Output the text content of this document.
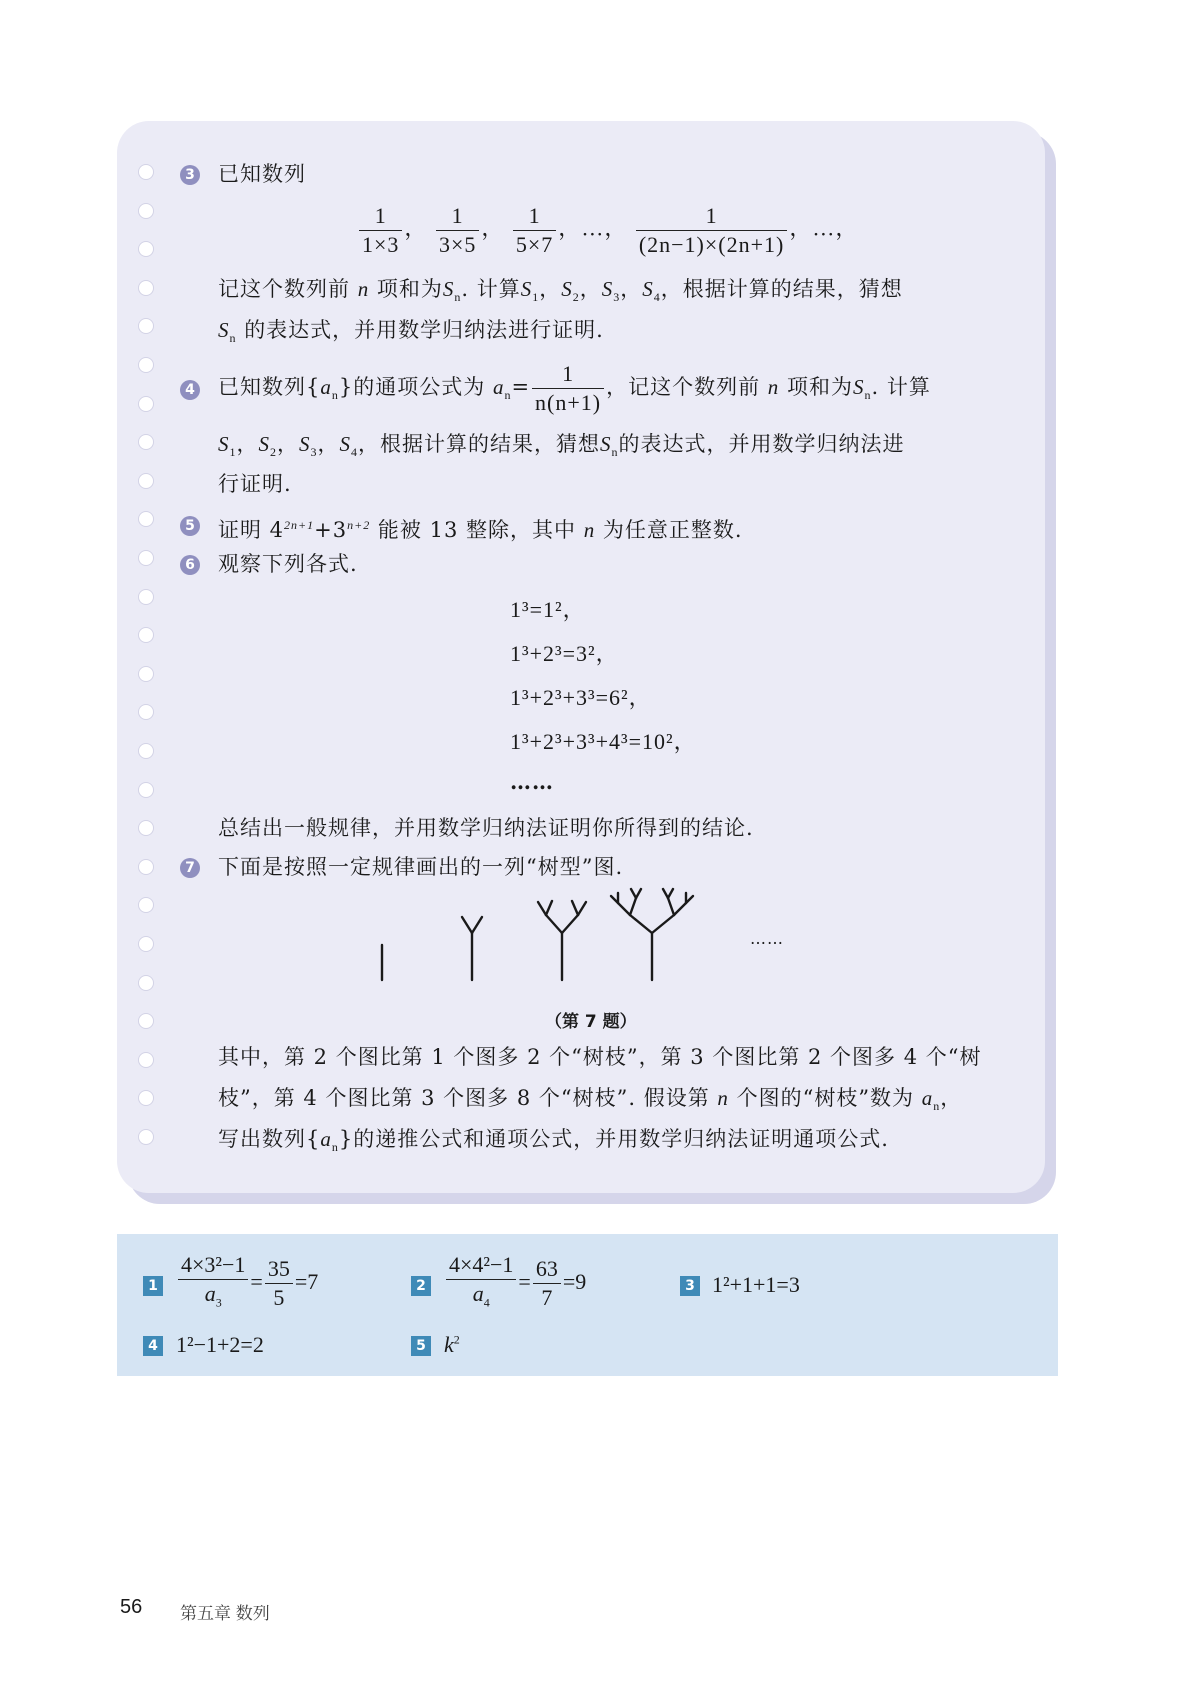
3 已知数列
$\frac{1}{1\times 3}$ ， $\frac{1}{3\times 5}$ ， $\frac{1}{5\times 7}$ ，…， $\frac{1}{(2n-1)\times(2n+1)}$ ，…，
记这个数列前 n 项和为$S_n$. 计算$S_1$，$S_2$，$S_3$，$S_4$，根据计算的结果，猜想
$S_n$ 的表达式，并用数学归纳法进行证明.
4 已知数列$\{a_n\}$的通项公式为 $a_n= \frac{1}{n(n+1)}$ ，记这个数列前 n 项和为$S_n$. 计算
$S_1$，$S_2$，$S_3$，$S_4$，根据计算的结果，猜想$S_n$的表达式，并用数学归纳法进
行证明.
5 证明 $4^{2n+1}+3^{n+2}$ 能被 13 整除，其中 n 为任意正整数.
6 观察下列各式.
1³=1²，
1³+2³=3²，
1³+2³+3³=6²，
1³+2³+3³+4³=10²，
……
总结出一般规律，并用数学归纳法证明你所得到的结论.
7 下面是按照一定规律画出的一列“树型”图.
……
（第 7 题）
其中，第 2 个图比第 1 个图多 2 个“树枝”，第 3 个图比第 2 个图多 4 个“树
枝”，第 4 个图比第 3 个图多 8 个“树枝”. 假设第 n 个图的“树枝”数为 $a_n$，
写出数列$\{a_n\}$的递推公式和通项公式，并用数学归纳法证明通项公式.
$1 \frac{\text{4×3²−1}}{a_3} = \frac{35}{5} =7$	$2 \frac{\text{4×4²−1}}{a_4} = \frac{63}{7} =9$	3 1²+1+1=3
4 1²−1+2=2	5 $k^2$
56 第五章 数列
